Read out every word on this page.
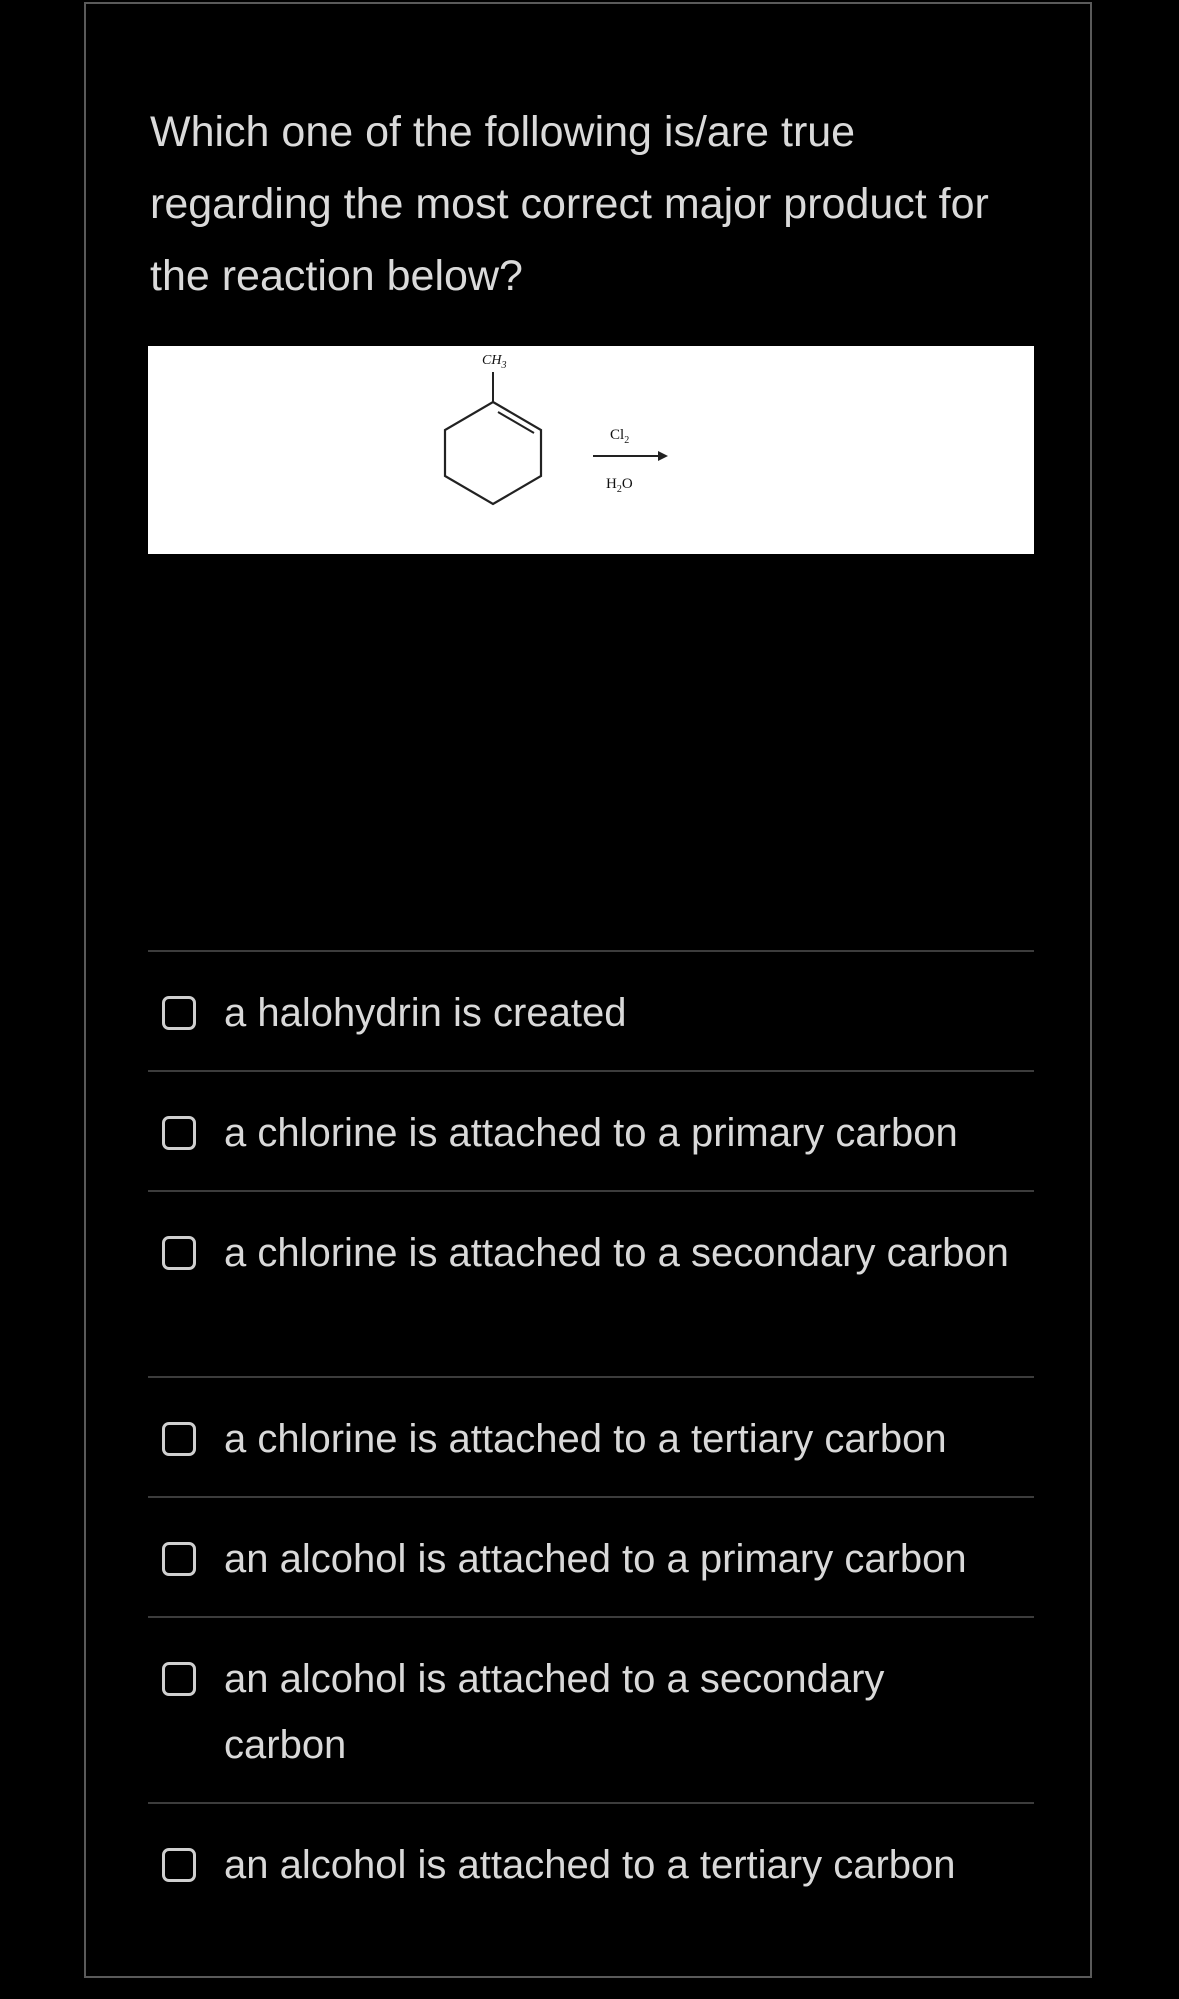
Which one of the following is/are true regarding the most correct major product for the reaction below?

$CH_3$
$Cl_2$
$H_2O$
a halohydrin is created
a chlorine is attached to a primary carbon
a chlorine is attached to a secondary carbon
a chlorine is attached to a tertiary carbon
an alcohol is attached to a primary carbon
an alcohol is attached to a secondary carbon
an alcohol is attached to a tertiary carbon
